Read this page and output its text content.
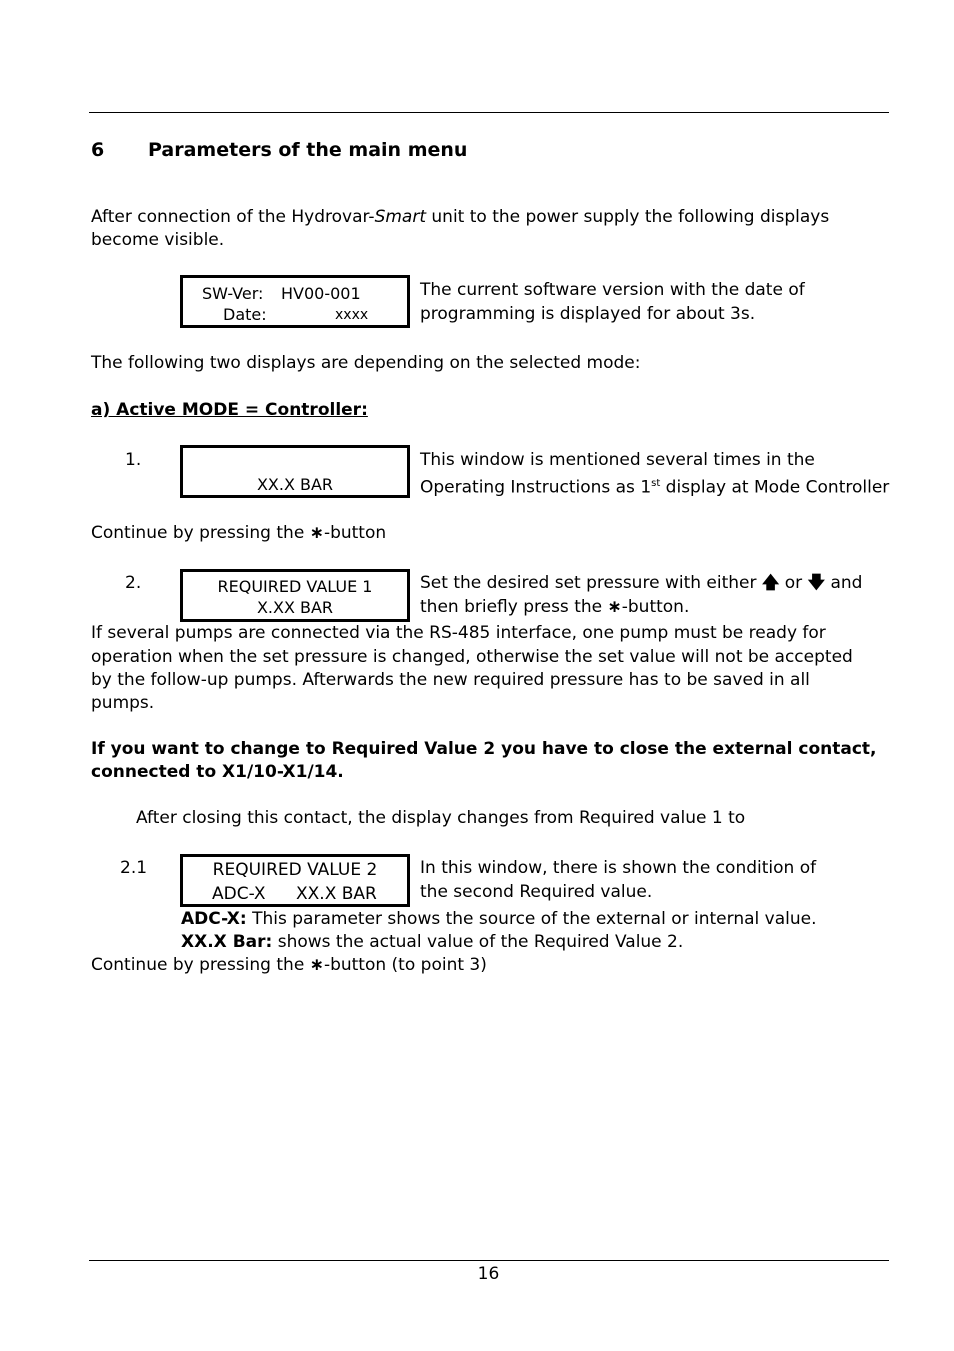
6 Parameters of the main menu
After connection of the Hydrovar-Smart unit to the power supply the following displays
become visible.
SW-Ver: HV00-001
Date:	xxxx
The current software version with the date of
programming is displayed for about 3s.
The following two displays are depending on the selected mode:
a) Active MODE = Controller:
1.
XX.X BAR
This window is mentioned several times in the
Operating Instructions as 1st display at Mode Controller
Continue by pressing the ∗-button
2.	REQUIRED VALUE 1
X.XX BAR
Set the desired set pressure with either 🡅 or 🡇 and
then briefly press the ∗-button.
If several pumps are connected via the RS-485 interface, one pump must be ready for
operation when the set pressure is changed, otherwise the set value will not be accepted
by the follow-up pumps. Afterwards the new required pressure has to be saved in all
pumps.
If you want to change to Required Value 2 you have to close the external contact,
connected to X1/10-X1/14.
After closing this contact, the display changes from Required value 1 to
2.1	REQUIRED VALUE 2
ADC-X XX.X BAR
In this window, there is shown the condition of
the second Required value.
ADC-X: This parameter shows the source of the external or internal value.
XX.X Bar: shows the actual value of the Required Value 2.
Continue by pressing the ∗-button (to point 3)
16
